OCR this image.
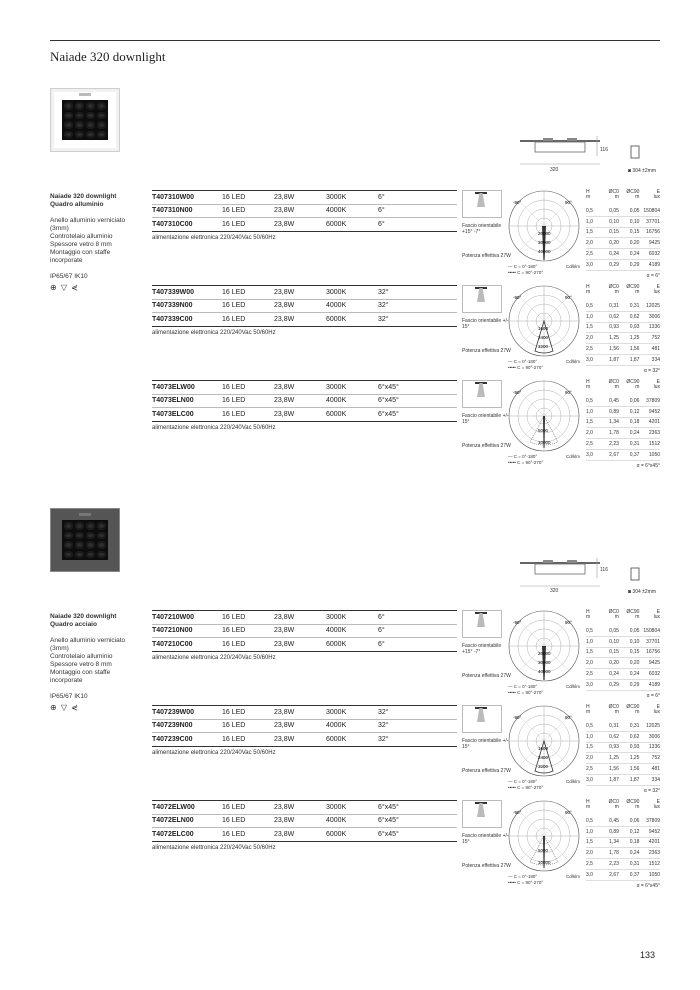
Naiade 320 downlight
320
116
◙ 304 ±2mm
320
116
◙ 304 ±2mm
Naiade 320 downlight
Quadro alluminio
Anello alluminio verniciato
(3mm)
Controtelaio alluminio
Spessore vetro 8 mm
Montaggio con staffe
incorporate
IP65/67 IK10
⊕ ▽ ⋞
Naiade 320 downlight
Quadro acciaio
Anello alluminio verniciato
(3mm)
Controtelaio alluminio
Spessore vetro 8 mm
Montaggio con staffe
incorporate
IP65/67 IK10
⊕ ▽ ⋞
T407310W00	16 LED	23,8W	3000K	6°
T407310N00	16 LED	23,8W	4000K	6°
T407310C00	16 LED	23,8W	6000K	6°
alimentazione elettronica 220/240Vac 50/60Hz
Fascio orientabile +15° -7°
Potenza effettiva 27W
-90°	90°
20000
30000
40000
— C = 0°-180°
••••• C = 90°-270°
Cd/klm
H	ØC0	ØC90	E
m	m	m	lux
0,5	0,05	0,05 150804
1,0	0,10	0,10	37701
1,5	0,15	0,15	16756
2,0	0,20	0,20	9425
2,5	0,24	0,24	6032
3,0	0,29	0,29	4189
α = 6°
T407339W00	16 LED	23,8W	3000K	32°
T407339N00	16 LED	23,8W	4000K	32°
T407339C00	16 LED	23,8W	6000K	32°
alimentazione elettronica 220/240Vac 50/60Hz
Fascio orientabile +/- 15°
Potenza effettiva 27W
-90°	90°
1600
2400
3200
— C = 0°-180°
••••• C = 90°-270°
Cd/klm
H	ØC0	ØC90	E
m	m	m	lux
0,5	0,31	0,31	12025
1,0	0,62	0,62	3006
1,5	0,93	0,93	1336
2,0	1,25	1,25	752
2,5	1,56	1,56	481
3,0	1,87	1,87	334
α = 32°
T4073ELW00	16 LED	23,8W	3000K	6°x45°
T4073ELN00	16 LED	23,8W	4000K	6°x45°
T4073ELC00	16 LED	23,8W	6000K	6°x45°
alimentazione elettronica 220/240Vac 50/60Hz
Fascio orientabile +/- 15°
Potenza effettiva 27W
-90°	90°
5000
10000
— C = 0°-180°
••••• C = 90°-270°
Cd/klm
H	ØC0	ØC90	E
m	m	m	lux
0,5	0,45	0,06	37809
1,0	0,89	0,12	9452
1,5	1,34	0,18	4201
2,0	1,78	0,24	2363
2,5	2,23	0,31	1512
3,0	2,67	0,37	1050
α = 6°x45°
T407210W00	16 LED	23,8W	3000K	6°
T407210N00	16 LED	23,8W	4000K	6°
T407210C00	16 LED	23,8W	6000K	6°
alimentazione elettronica 220/240Vac 50/60Hz
Fascio orientabile +15° -7°
Potenza effettiva 27W
-90°	90°
20000
30000
40000
— C = 0°-180°
••••• C = 90°-270°
Cd/klm
H	ØC0	ØC90	E
m	m	m	lux
0,5	0,05	0,05 150804
1,0	0,10	0,10	37701
1,5	0,15	0,15	16756
2,0	0,20	0,20	9425
2,5	0,24	0,24	6032
3,0	0,29	0,29	4189
α = 6°
T407239W00	16 LED	23,8W	3000K	32°
T407239N00	16 LED	23,8W	4000K	32°
T407239C00	16 LED	23,8W	6000K	32°
alimentazione elettronica 220/240Vac 50/60Hz
Fascio orientabile +/- 15°
Potenza effettiva 27W
-90°	90°
1600
2400
3200
— C = 0°-180°
••••• C = 90°-270°
Cd/klm
H	ØC0	ØC90	E
m	m	m	lux
0,5	0,31	0,31	12025
1,0	0,62	0,62	3006
1,5	0,93	0,93	1336
2,0	1,25	1,25	752
2,5	1,56	1,56	481
3,0	1,87	1,87	334
α = 32°
T4072ELW00	16 LED	23,8W	3000K	6°x45°
T4072ELN00	16 LED	23,8W	4000K	6°x45°
T4072ELC00	16 LED	23,8W	6000K	6°x45°
alimentazione elettronica 220/240Vac 50/60Hz
Fascio orientabile +/- 15°
Potenza effettiva 27W
-90°	90°
5000
10000
— C = 0°-180°
••••• C = 90°-270°
Cd/klm
H	ØC0	ØC90	E
m	m	m	lux
0,5	0,45	0,06	37809
1,0	0,89	0,12	9452
1,5	1,34	0,18	4201
2,0	1,78	0,24	2363
2,5	2,23	0,31	1512
3,0	2,67	0,37	1050
α = 6°x45°
133
